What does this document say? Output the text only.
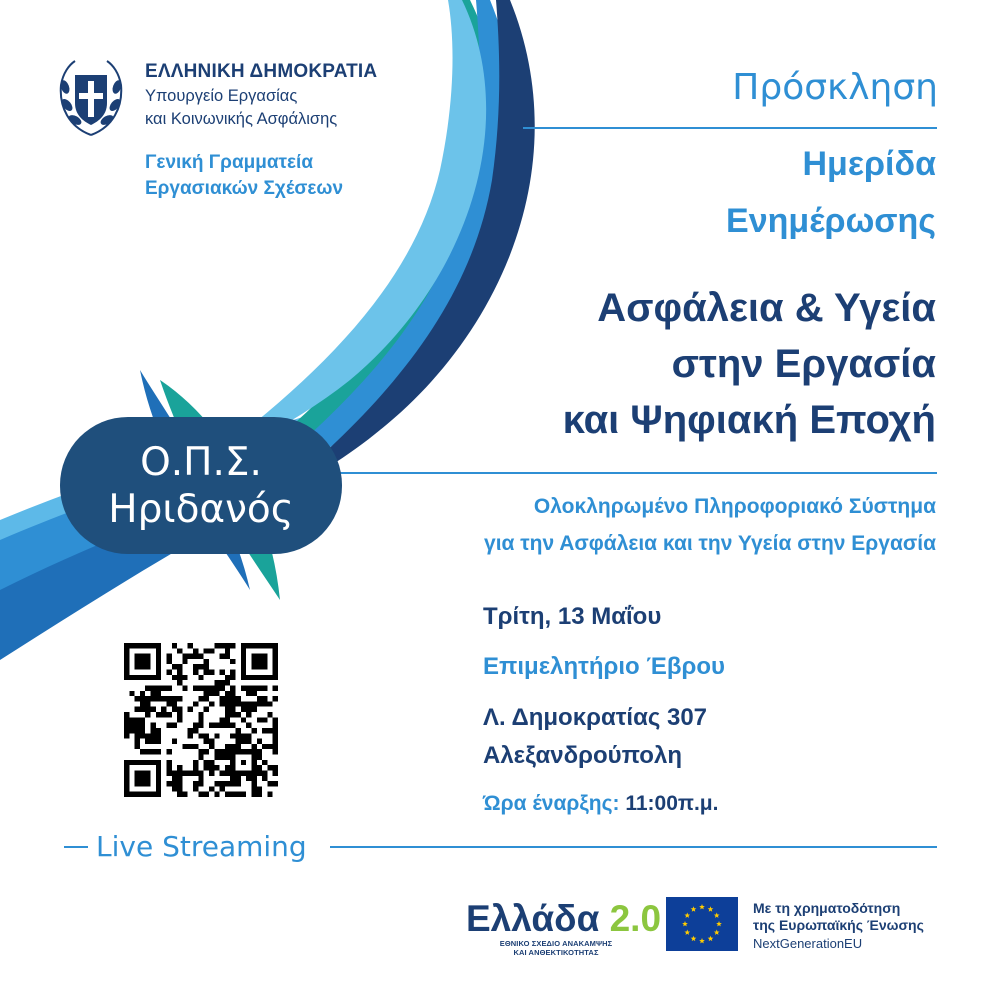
ΕΛΛΗΝΙΚΗ ΔΗΜΟΚΡΑΤΙΑ
Υπουργείο Εργασίας
και Κοινωνικής Ασφάλισης
Γενική Γραμματεία
Εργασιακών Σχέσεων
Πρόσκληση
Ημερίδα
Ενημέρωσης
Ασφάλεια & Υγεία
στην Εργασία
και Ψηφιακή Εποχή
Ολοκληρωμένο Πληροφοριακό Σύστημα
για την Ασφάλεια και την Υγεία στην Εργασία
Ο.Π.Σ.
Ηριδανός
Τρίτη, 13 Μαΐου
Επιμελητήριο Έβρου
Λ. Δημοκρατίας 307
Αλεξανδρούπολη
Ώρα έναρξης: 11:00π.μ.
Live Streaming
Ελλάδα 2.0
ΕΘΝΙΚΟ ΣΧΕΔΙΟ ΑΝΑΚΑΜΨΗΣ
ΚΑΙ ΑΝΘΕΚΤΙΚΟΤΗΤΑΣ
Με τη χρηματοδότηση
της Ευρωπαϊκής Ένωσης
NextGenerationEU
